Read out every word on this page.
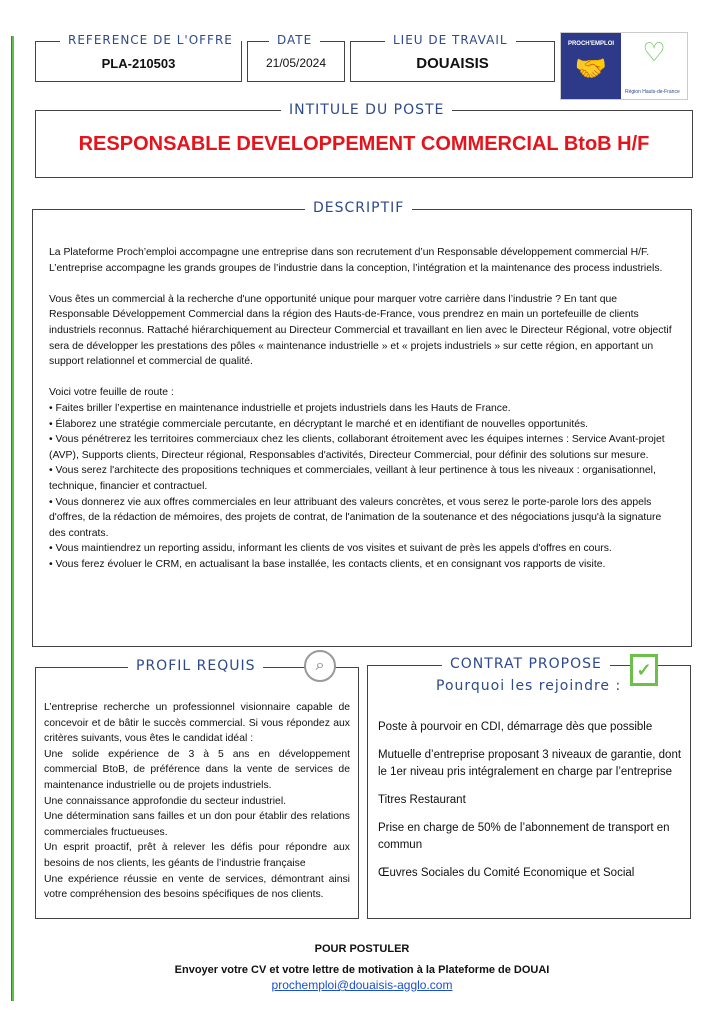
REFERENCE DE L'OFFRE
PLA-210503
DATE
21/05/2024
LIEU DE TRAVAIL
DOUAISIS
PROCH'EMPLOI
🤝
♡
Région Hauts-de-France
INTITULE DU POSTE
RESPONSABLE DEVELOPPEMENT COMMERCIAL BtoB H/F
DESCRIPTIF

La Plateforme Proch’emploi accompagne une entreprise dans son recrutement d’un Responsable développement commercial H/F. L’entreprise accompagne les grands groupes de l’industrie dans la conception, l’intégration et la maintenance des process industriels.

Vous êtes un commercial à la recherche d'une opportunité unique pour marquer votre carrière dans l’industrie ? En tant que Responsable Développement Commercial dans la région des Hauts-de-France, vous prendrez en main un portefeuille de clients industriels reconnus. Rattaché hiérarchiquement au Directeur Commercial et travaillant en lien avec le Directeur Régional, votre objectif sera de développer les prestations des pôles « maintenance industrielle » et « projets industriels » sur cette région, en apportant un support relationnel et commercial de qualité.

Voici votre feuille de route :
• Faites briller l’expertise en maintenance industrielle et projets industriels dans les Hauts de France.
• Élaborez une stratégie commerciale percutante, en décryptant le marché et en identifiant de nouvelles opportunités.
• Vous pénétrerez les territoires commerciaux chez les clients, collaborant étroitement avec les équipes internes : Service Avant-projet (AVP), Supports clients, Directeur régional, Responsables d'activités, Directeur Commercial, pour définir des solutions sur mesure.
• Vous serez l'architecte des propositions techniques et commerciales, veillant à leur pertinence à tous les niveaux : organisationnel, technique, financier et contractuel.
• Vous donnerez vie aux offres commerciales en leur attribuant des valeurs concrètes, et vous serez le porte-parole lors des appels d'offres, de la rédaction de mémoires, des projets de contrat, de l'animation de la soutenance et des négociations jusqu'à la signature des contrats.
• Vous maintiendrez un reporting assidu, informant les clients de vos visites et suivant de près les appels d'offres en cours.
• Vous ferez évoluer le CRM, en actualisant la base installée, les contacts clients, et en consignant vos rapports de visite.
PROFIL REQUIS	⌕
L’entreprise recherche un professionnel visionnaire capable de concevoir et de bâtir le succès commercial. Si vous répondez aux critères suivants, vous êtes le candidat idéal :
Une solide expérience de 3 à 5 ans en développement commercial BtoB, de préférence dans la vente de services de maintenance industrielle ou de projets industriels.
Une connaissance approfondie du secteur industriel.
Une détermination sans failles et un don pour établir des relations commerciales fructueuses.
Un esprit proactif, prêt à relever les défis pour répondre aux besoins de nos clients, les géants de l’industrie française
Une expérience réussie en vente de services, démontrant ainsi votre compréhension des besoins spécifiques de nos clients.
CONTRAT PROPOSE
Pourquoi les rejoindre :
✓
Poste à pourvoir en CDI, démarrage dès que possible
Mutuelle d’entreprise proposant 3 niveaux de garantie, dont le 1er niveau pris intégralement en charge par l’entreprise
Titres Restaurant
Prise en charge de 50% de l’abonnement de transport en commun
Œuvres Sociales du Comité Economique et Social
POUR POSTULER
Envoyer votre CV et votre lettre de motivation à la Plateforme de DOUAI
prochemploi@douaisis-agglo.com
